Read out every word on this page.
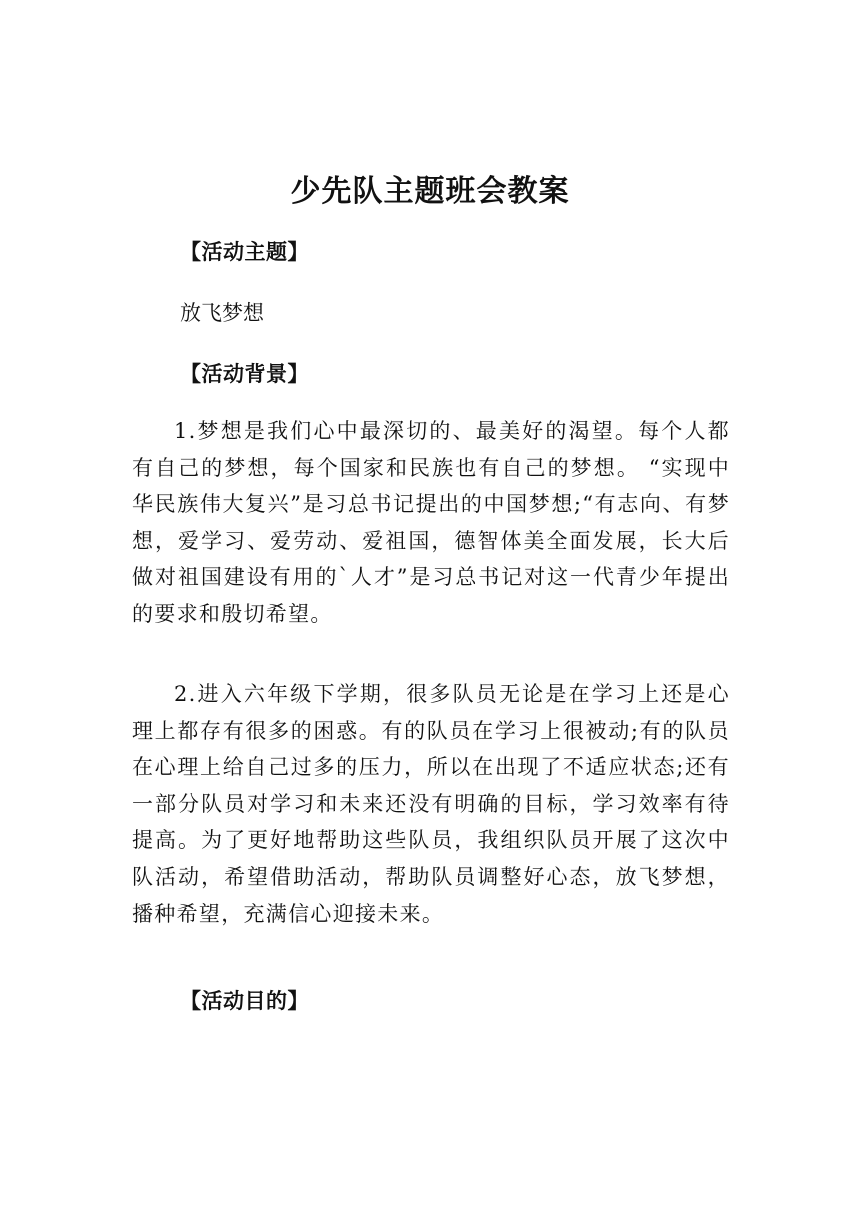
少先队主题班会教案
【活动主题】
放飞梦想
【活动背景】
1.梦想是我们心中最深切的、最美好的渴望。每个人都有自己的梦想，每个国家和民族也有自己的梦想。 “实现中华民族伟大复兴”是习总书记提出的中国梦想;“有志向、有梦想，爱学习、爱劳动、爱祖国，德智体美全面发展，长大后做对祖国建设有用的`人才”是习总书记对这一代青少年提出的要求和殷切希望。
2.进入六年级下学期，很多队员无论是在学习上还是心理上都存有很多的困惑。有的队员在学习上很被动;有的队员在心理上给自己过多的压力，所以在出现了不适应状态;还有一部分队员对学习和未来还没有明确的目标，学习效率有待提高。为了更好地帮助这些队员，我组织队员开展了这次中队活动，希望借助活动，帮助队员调整好心态，放飞梦想，播种希望，充满信心迎接未来。
【活动目的】
